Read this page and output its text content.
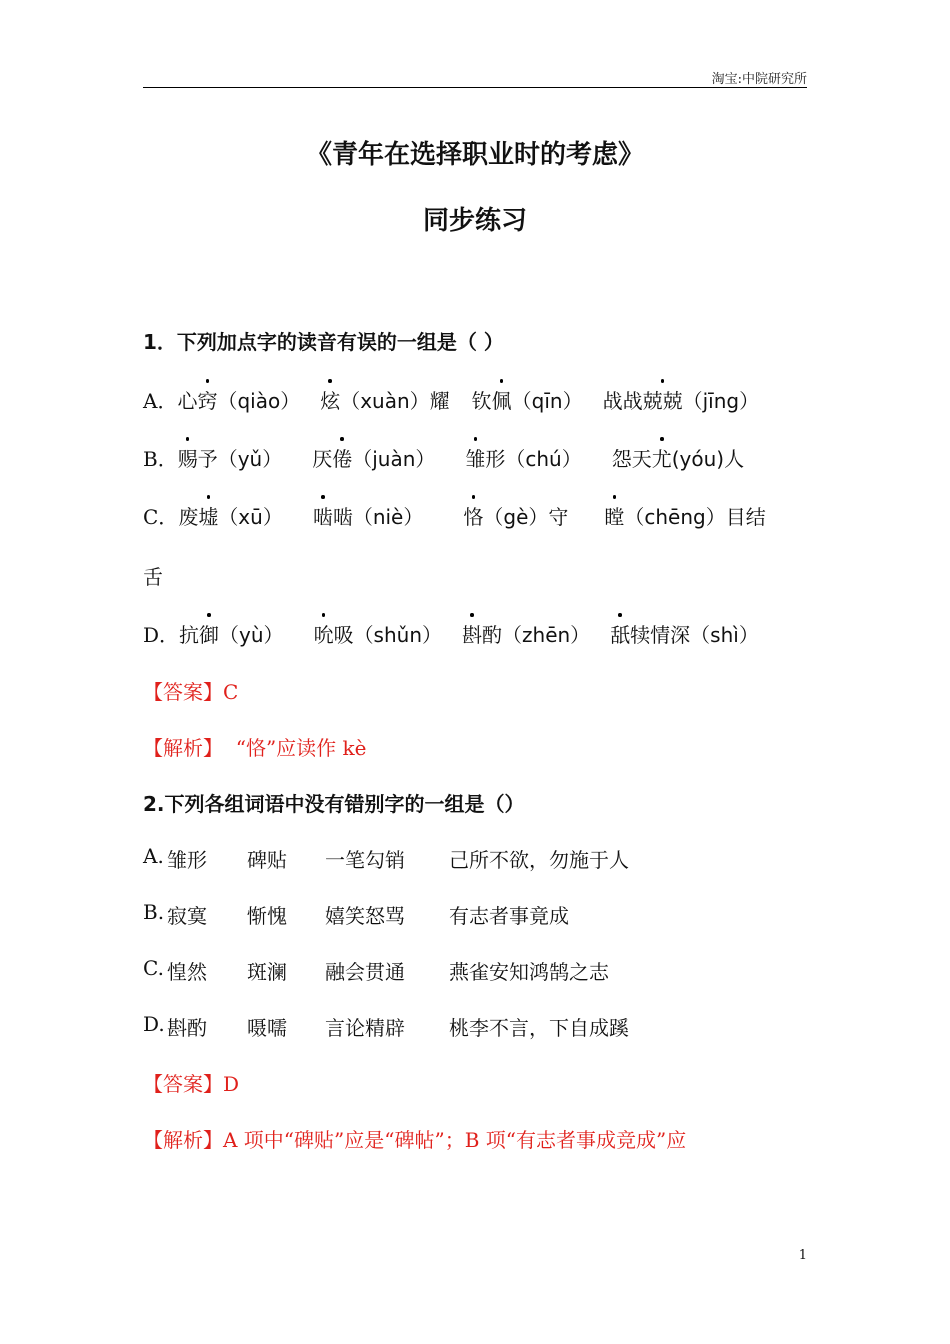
淘宝:中院研究所
《青年在选择职业时的考虑》
同步练习
1．下列加点字的读音有误的一组是（ ）
A．心窍（qiào） 炫（xuàn）耀 钦佩（qīn） 战战兢兢（jīng）
B．赐予（yǔ） 厌倦（juàn） 雏形（chú） 怨天尤(yóu)人
C．废墟（xū） 啮啮（niè） 恪（gè）守 瞠（chēng）目结
舌
D．抗御（yù） 吮吸（shǔn） 斟酌（zhēn） 舐犊情深（shì）
【答案】C
【解析】 “恪”应读作 kè
2.下列各组词语中没有错别字的一组是（）
A. 雏形 碑贴 一笔勾销 己所不欲，勿施于人
B. 寂寞 惭愧 嬉笑怒骂 有志者事竟成
C. 惶然 斑澜 融会贯通 燕雀安知鸿鹄之志
D. 斟酌 嗫嚅 言论精辟 桃李不言，下自成蹊
【答案】D
【解析】A 项中“碑贴”应是“碑帖”；B 项“有志者事成竞成”应
1
